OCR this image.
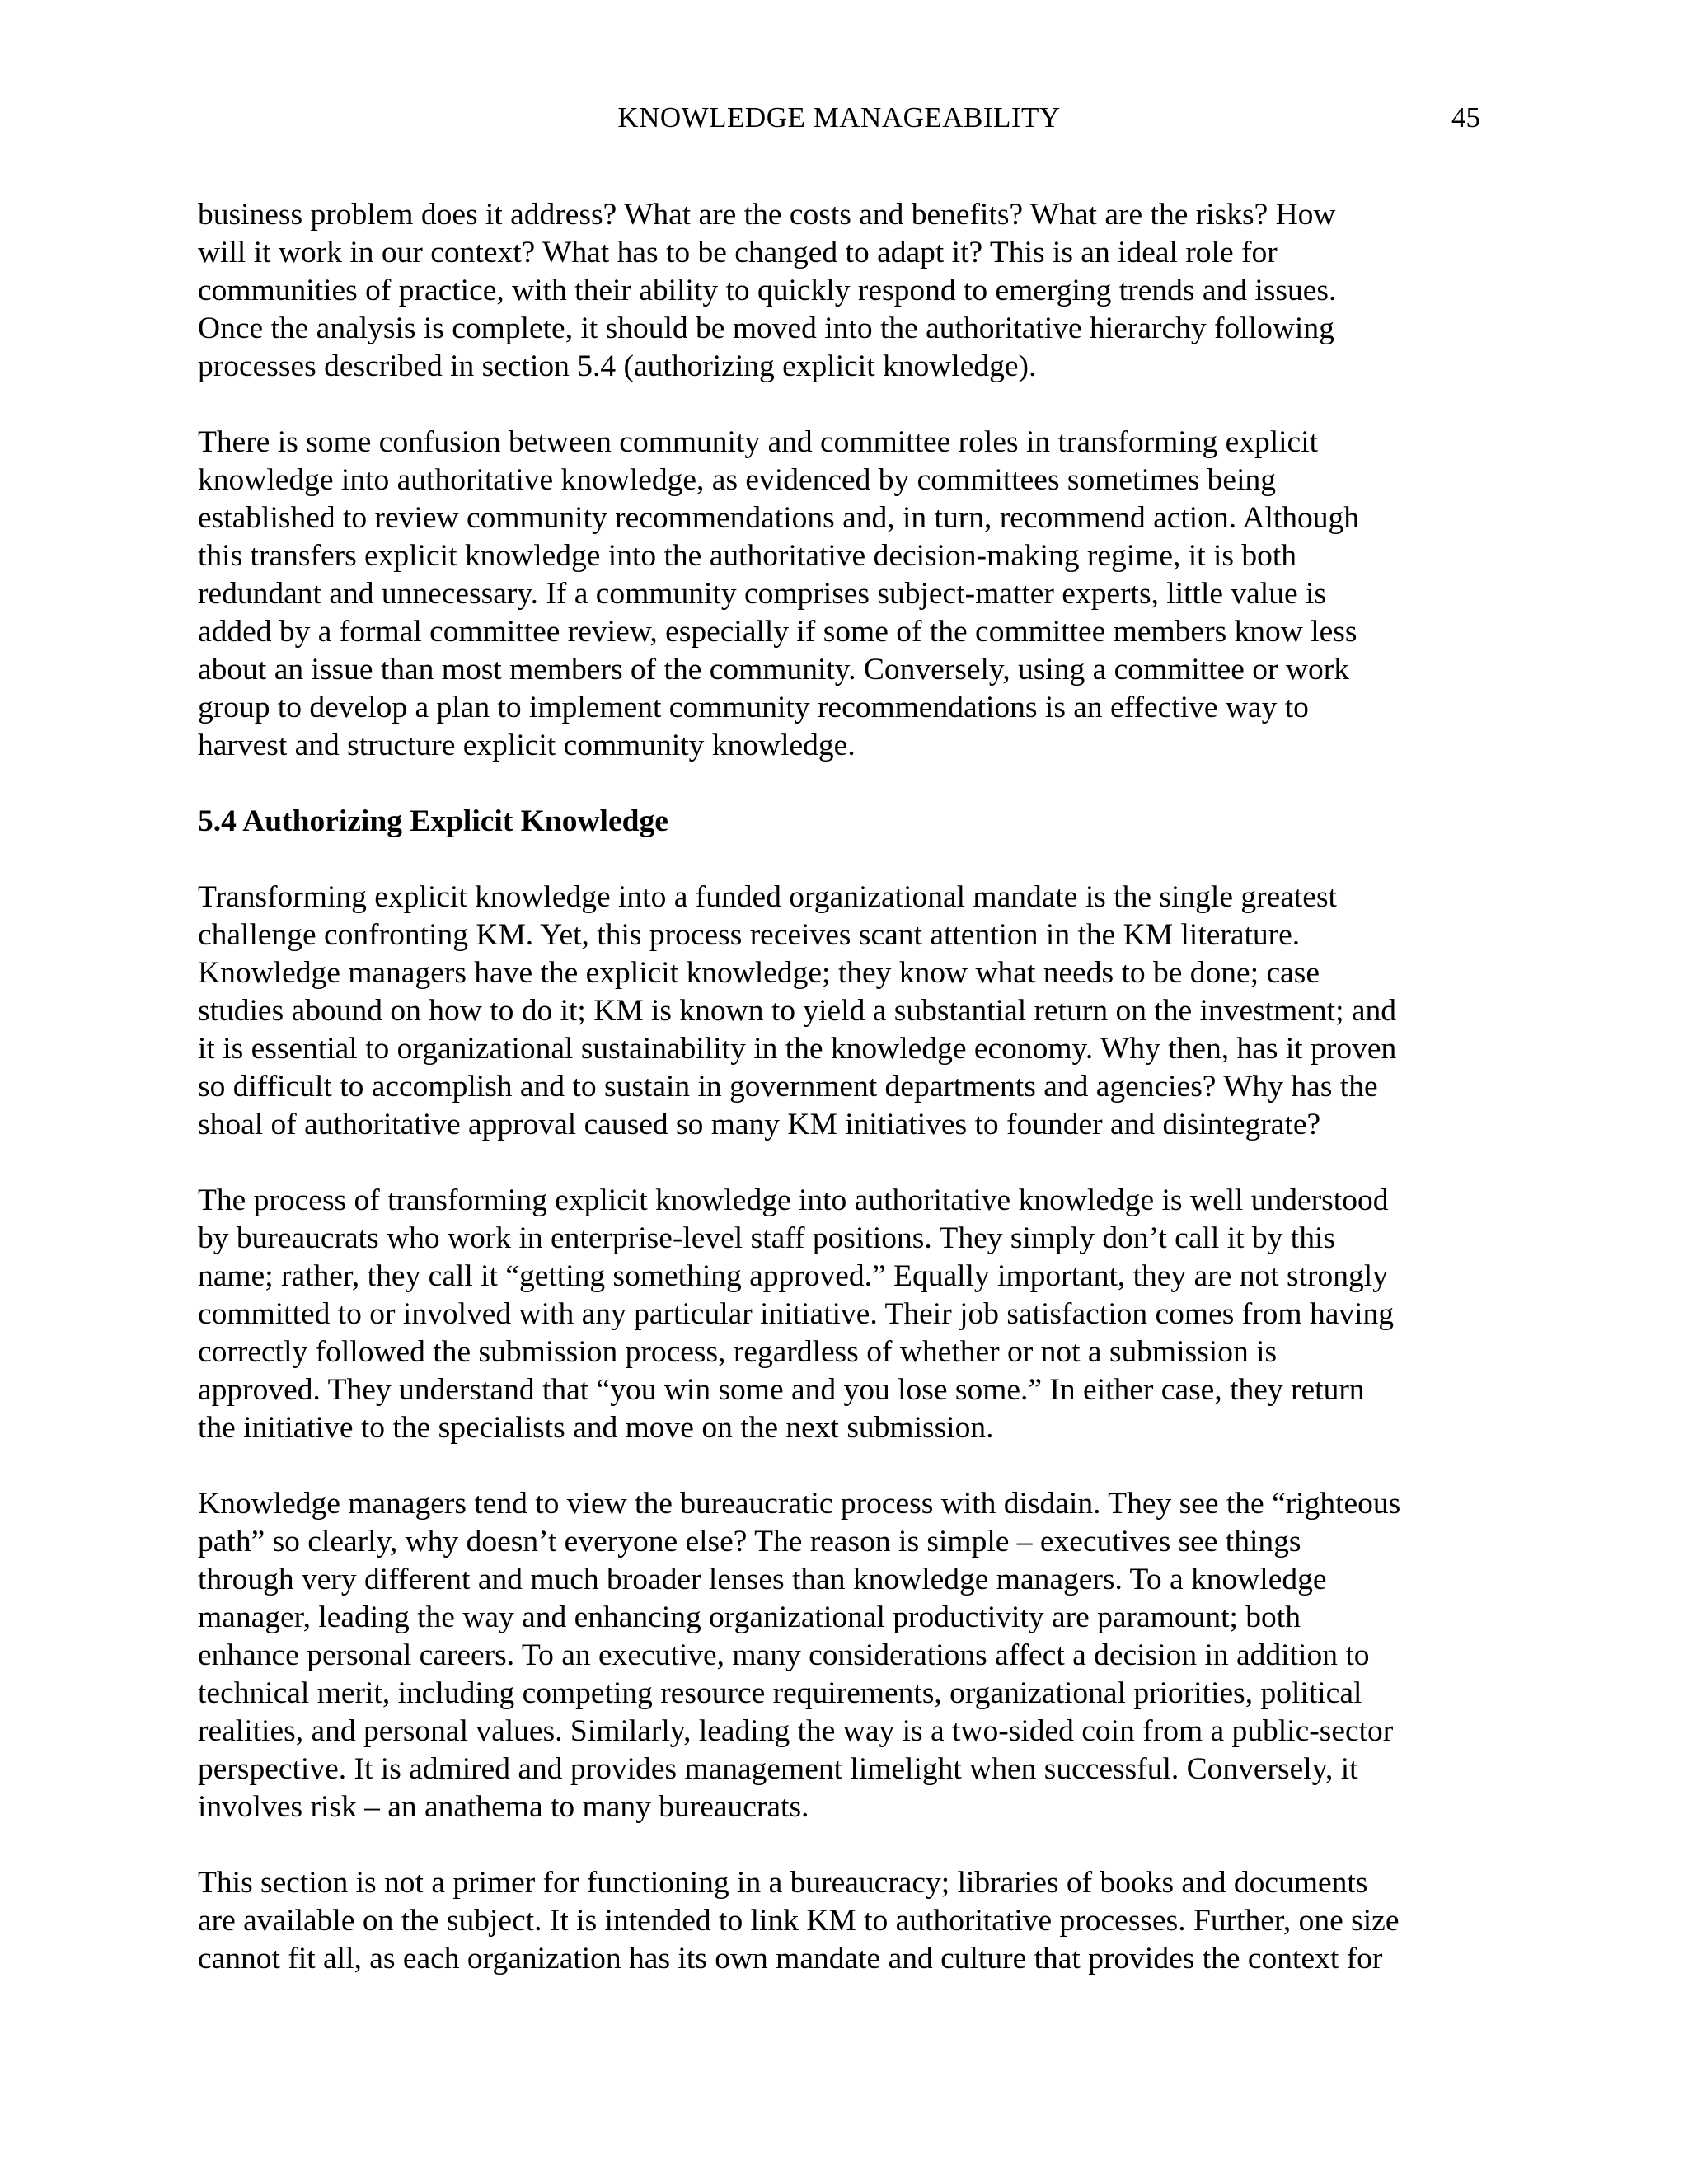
KNOWLEDGE MANAGEABILITY	45

business problem does it address? What are the costs and benefits? What are the risks? How
will it work in our context? What has to be changed to adapt it? This is an ideal role for
communities of practice, with their ability to quickly respond to emerging trends and issues.
Once the analysis is complete, it should be moved into the authoritative hierarchy following
processes described in section 5.4 (authorizing explicit knowledge).

There is some confusion between community and committee roles in transforming explicit
knowledge into authoritative knowledge, as evidenced by committees sometimes being
established to review community recommendations and, in turn, recommend action. Although
this transfers explicit knowledge into the authoritative decision-making regime, it is both
redundant and unnecessary. If a community comprises subject-matter experts, little value is
added by a formal committee review, especially if some of the committee members know less
about an issue than most members of the community. Conversely, using a committee or work
group to develop a plan to implement community recommendations is an effective way to
harvest and structure explicit community knowledge.

5.4 Authorizing Explicit Knowledge

Transforming explicit knowledge into a funded organizational mandate is the single greatest
challenge confronting KM. Yet, this process receives scant attention in the KM literature.
Knowledge managers have the explicit knowledge; they know what needs to be done; case
studies abound on how to do it; KM is known to yield a substantial return on the investment; and
it is essential to organizational sustainability in the knowledge economy. Why then, has it proven
so difficult to accomplish and to sustain in government departments and agencies? Why has the
shoal of authoritative approval caused so many KM initiatives to founder and disintegrate?

The process of transforming explicit knowledge into authoritative knowledge is well understood
by bureaucrats who work in enterprise-level staff positions. They simply don’t call it by this
name; rather, they call it “getting something approved.” Equally important, they are not strongly
committed to or involved with any particular initiative. Their job satisfaction comes from having
correctly followed the submission process, regardless of whether or not a submission is
approved. They understand that “you win some and you lose some.” In either case, they return
the initiative to the specialists and move on the next submission.

Knowledge managers tend to view the bureaucratic process with disdain. They see the “righteous
path” so clearly, why doesn’t everyone else? The reason is simple – executives see things
through very different and much broader lenses than knowledge managers. To a knowledge
manager, leading the way and enhancing organizational productivity are paramount; both
enhance personal careers. To an executive, many considerations affect a decision in addition to
technical merit, including competing resource requirements, organizational priorities, political
realities, and personal values. Similarly, leading the way is a two-sided coin from a public-sector
perspective. It is admired and provides management limelight when successful. Conversely, it
involves risk – an anathema to many bureaucrats.

This section is not a primer for functioning in a bureaucracy; libraries of books and documents
are available on the subject. It is intended to link KM to authoritative processes. Further, one size
cannot fit all, as each organization has its own mandate and culture that provides the context for
